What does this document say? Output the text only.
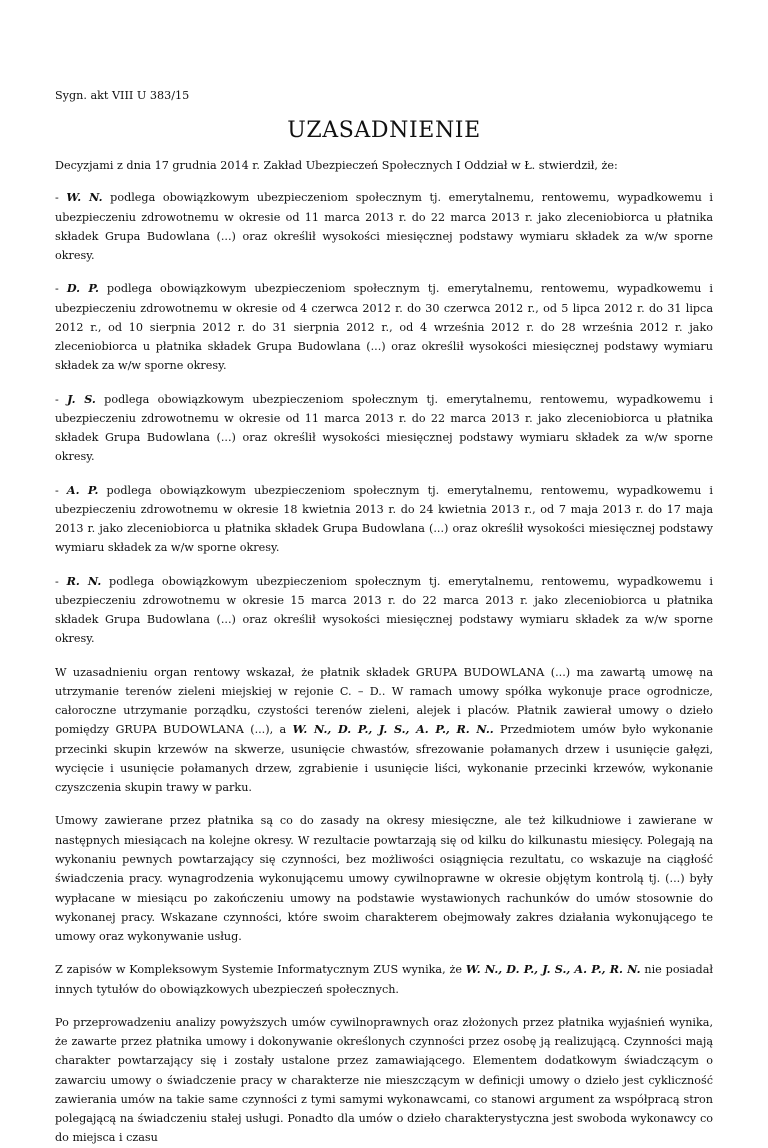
Sygn. akt VIII U 383/15
UZASADNIENIE

Decyzjami z dnia 17 grudnia 2014 r. Zakład Ubezpieczeń Społecznych I Oddział w Ł. stwierdził, że:

- W. N. podlega obowiązkowym ubezpieczeniom społecznym tj. emerytalnemu, rentowemu, wypadkowemu i ubezpieczeniu zdrowotnemu w okresie od 11 marca 2013 r. do 22 marca 2013 r. jako zleceniobiorca u płatnika składek Grupa Budowlana (...) oraz określił wysokości miesięcznej podstawy wymiaru składek za w/w sporne okresy.

- D. P. podlega obowiązkowym ubezpieczeniom społecznym tj. emerytalnemu, rentowemu, wypadkowemu i ubezpieczeniu zdrowotnemu w okresie od 4 czerwca 2012 r. do 30 czerwca 2012 r., od 5 lipca 2012 r. do 31 lipca 2012 r., od 10 sierpnia 2012 r. do 31 sierpnia 2012 r., od 4 września 2012 r. do 28 września 2012 r. jako zleceniobiorca u płatnika składek Grupa Budowlana (...) oraz określił wysokości miesięcznej podstawy wymiaru składek za w/w sporne okresy.

- J. S. podlega obowiązkowym ubezpieczeniom społecznym tj. emerytalnemu, rentowemu, wypadkowemu i ubezpieczeniu zdrowotnemu w okresie od 11 marca 2013 r. do 22 marca 2013 r. jako zleceniobiorca u płatnika składek Grupa Budowlana (...) oraz określił wysokości miesięcznej podstawy wymiaru składek za w/w sporne okresy.

- A. P. podlega obowiązkowym ubezpieczeniom społecznym tj. emerytalnemu, rentowemu, wypadkowemu i ubezpieczeniu zdrowotnemu w okresie 18 kwietnia 2013 r. do 24 kwietnia 2013 r., od 7 maja 2013 r. do 17 maja 2013 r. jako zleceniobiorca u płatnika składek Grupa Budowlana (...) oraz określił wysokości miesięcznej podstawy wymiaru składek za w/w sporne okresy.

- R. N. podlega obowiązkowym ubezpieczeniom społecznym tj. emerytalnemu, rentowemu, wypadkowemu i ubezpieczeniu zdrowotnemu w okresie 15 marca 2013 r. do 22 marca 2013 r. jako zleceniobiorca u płatnika składek Grupa Budowlana (...) oraz określił wysokości miesięcznej podstawy wymiaru składek za w/w sporne okresy.

W uzasadnieniu organ rentowy wskazał, że płatnik składek GRUPA BUDOWLANA (...) ma zawartą umowę na utrzymanie terenów zieleni miejskiej w rejonie C. – D.. W ramach umowy spółka wykonuje prace ogrodnicze, całoroczne utrzymanie porządku, czystości terenów zieleni, alejek i placów. Płatnik zawierał umowy o dzieło pomiędzy GRUPA BUDOWLANA (...), a W. N., D. P., J. S., A. P., R. N.. Przedmiotem umów było wykonanie przecinki skupin krzewów na skwerze, usunięcie chwastów, sfrezowanie połamanych drzew i usunięcie gałęzi, wycięcie i usunięcie połamanych drzew, zgrabienie i usunięcie liści, wykonanie przecinki krzewów, wykonanie czyszczenia skupin trawy w parku.

Umowy zawierane przez płatnika są co do zasady na okresy miesięczne, ale też kilkudniowe i zawierane w następnych miesiącach na kolejne okresy. W rezultacie powtarzają się od kilku do kilkunastu miesięcy. Polegają na wykonaniu pewnych powtarzający się czynności, bez możliwości osiągnięcia rezultatu, co wskazuje na ciągłość świadczenia pracy. wynagrodzenia wykonującemu umowy cywilnoprawne w okresie objętym kontrolą tj. (...) były wypłacane w miesiącu po zakończeniu umowy na podstawie wystawionych rachunków do umów stosownie do wykonanej pracy. Wskazane czynności, które swoim charakterem obejmowały zakres działania wykonującego te umowy oraz wykonywanie usług.

Z zapisów w Kompleksowym Systemie Informatycznym ZUS wynika, że W. N., D. P., J. S., A. P., R. N. nie posiadał innych tytułów do obowiązkowych ubezpieczeń społecznych.

Po przeprowadzeniu analizy powyższych umów cywilnoprawnych oraz złożonych przez płatnika wyjaśnień wynika, że zawarte przez płatnika umowy i dokonywanie określonych czynności przez osobę ją realizującą. Czynności mają charakter powtarzający się i zostały ustalone przez zamawiającego. Elementem dodatkowym świadczącym o zawarciu umowy o świadczenie pracy w charakterze nie mieszczącym w definicji umowy o dzieło jest cykliczność zawierania umów na takie same czynności z tymi samymi wykonawcami, co stanowi argument za współpracą stron polegającą na świadczeniu stałej usługi. Ponadto dla umów o dzieło charakterystyczna jest swoboda wykonawcy co do miejsca i czasu
